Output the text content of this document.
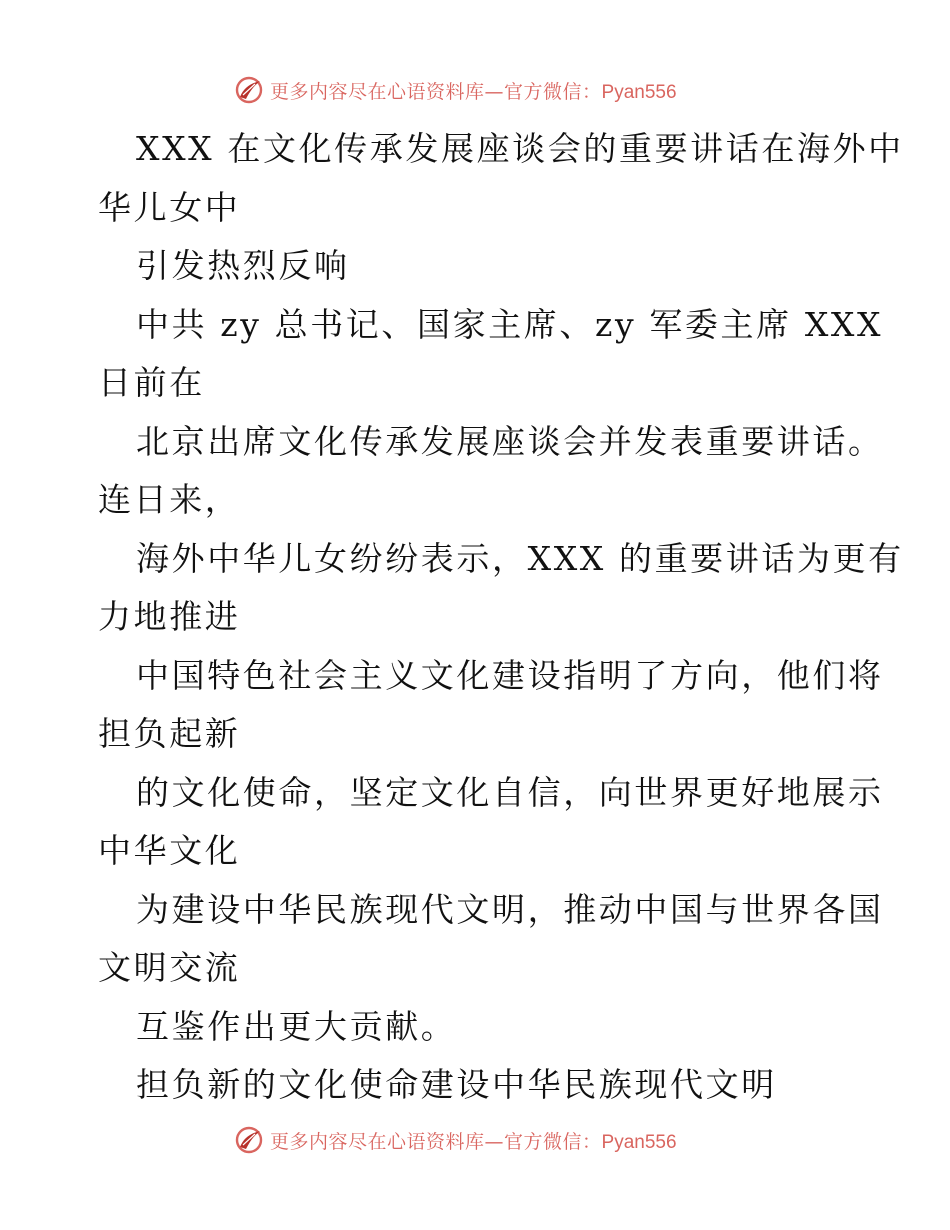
更多内容尽在心语资料库—官方微信：Pyan556
XXX 在文化传承发展座谈会的重要讲话在海外中
华儿女中
引发热烈反响
中共 zy 总书记、国家主席、zy 军委主席 XXX
日前在
北京出席文化传承发展座谈会并发表重要讲话。
连日来，
海外中华儿女纷纷表示，XXX 的重要讲话为更有
力地推进
中国特色社会主义文化建设指明了方向，他们将
担负起新
的文化使命，坚定文化自信，向世界更好地展示
中华文化
为建设中华民族现代文明，推动中国与世界各国
文明交流
互鉴作出更大贡献。
担负新的文化使命建设中华民族现代文明
更多内容尽在心语资料库—官方微信：Pyan556
